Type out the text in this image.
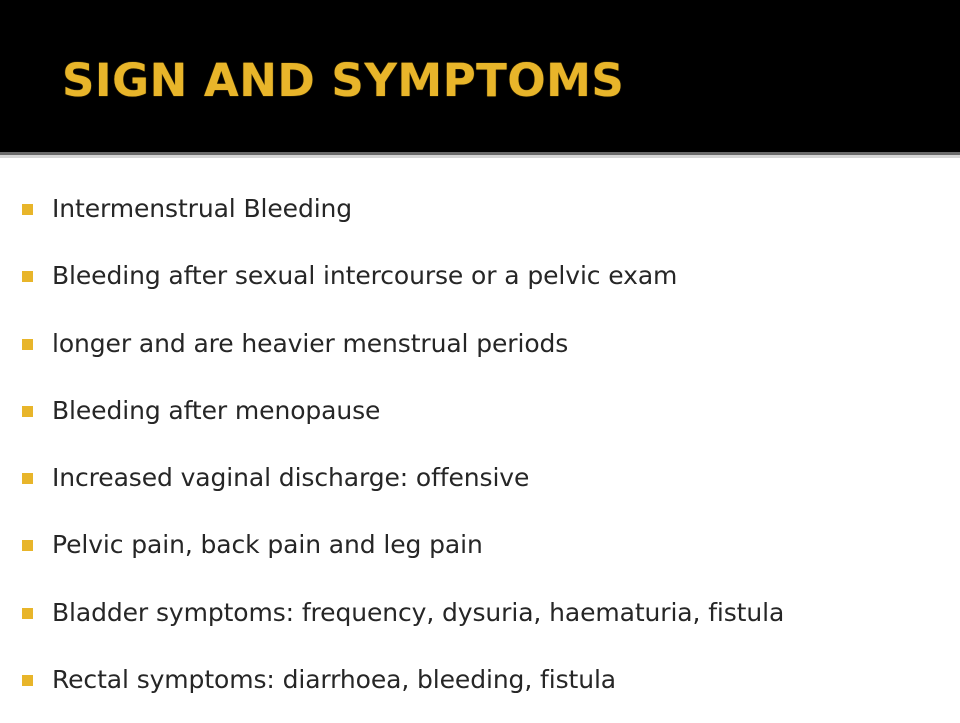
SIGN AND SYMPTOMS
Intermenstrual Bleeding
Bleeding after sexual intercourse or a pelvic exam
longer and are heavier menstrual periods
Bleeding after menopause
Increased vaginal discharge: offensive
Pelvic pain, back pain and leg pain
Bladder symptoms: frequency, dysuria, haematuria, fistula
Rectal symptoms: diarrhoea, bleeding, fistula
